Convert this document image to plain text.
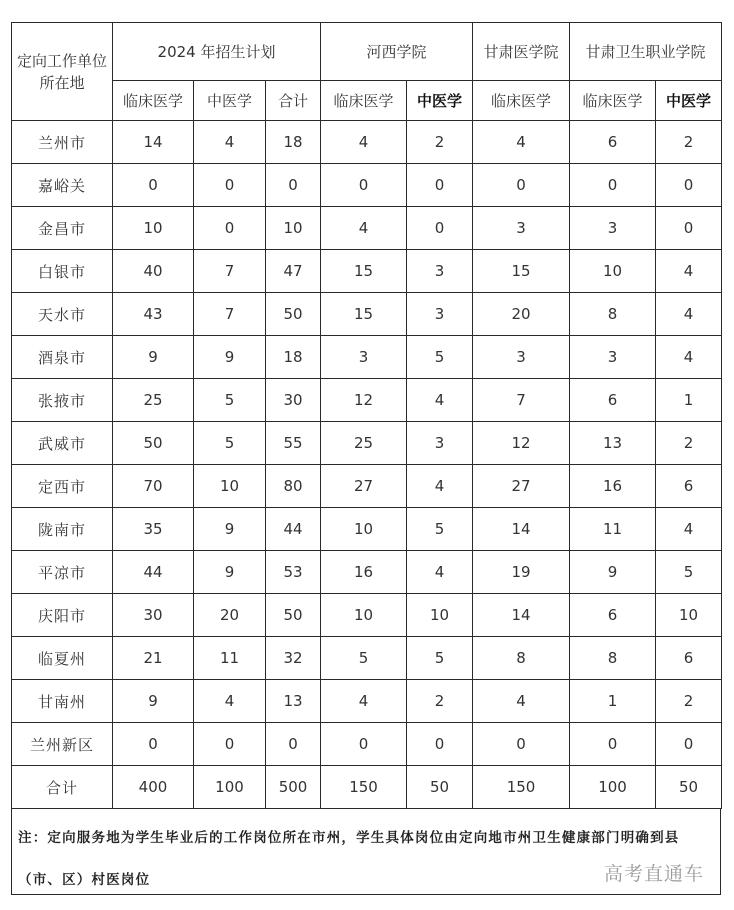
定向工作单位所在地	2024 年招生计划			河西学院		甘肃医学院	甘肃卫生职业学院	
	临床医学	中医学	合计	临床医学	中医学	临床医学	临床医学	中医学
兰州市	14	4	18	4	2	4	6	2
嘉峪关	0	0	0	0	0	0	0	0
金昌市	10	0	10	4	0	3	3	0
白银市	40	7	47	15	3	15	10	4
天水市	43	7	50	15	3	20	8	4
酒泉市	9	9	18	3	5	3	3	4
张掖市	25	5	30	12	4	7	6	1
武威市	50	5	55	25	3	12	13	2
定西市	70	10	80	27	4	27	16	6
陇南市	35	9	44	10	5	14	11	4
平凉市	44	9	53	16	4	19	9	5
庆阳市	30	20	50	10	10	14	6	10
临夏州	21	11	32	5	5	8	8	6
甘南州	9	4	13	4	2	4	1	2
兰州新区	0	0	0	0	0	0	0	0
合计	400	100	500	150	50	150	100	50
注：定向服务地为学生毕业后的工作岗位所在市州，学生具体岗位由定向地市州卫生健康部门明确到县（市、区）村医岗位	高考直通车
